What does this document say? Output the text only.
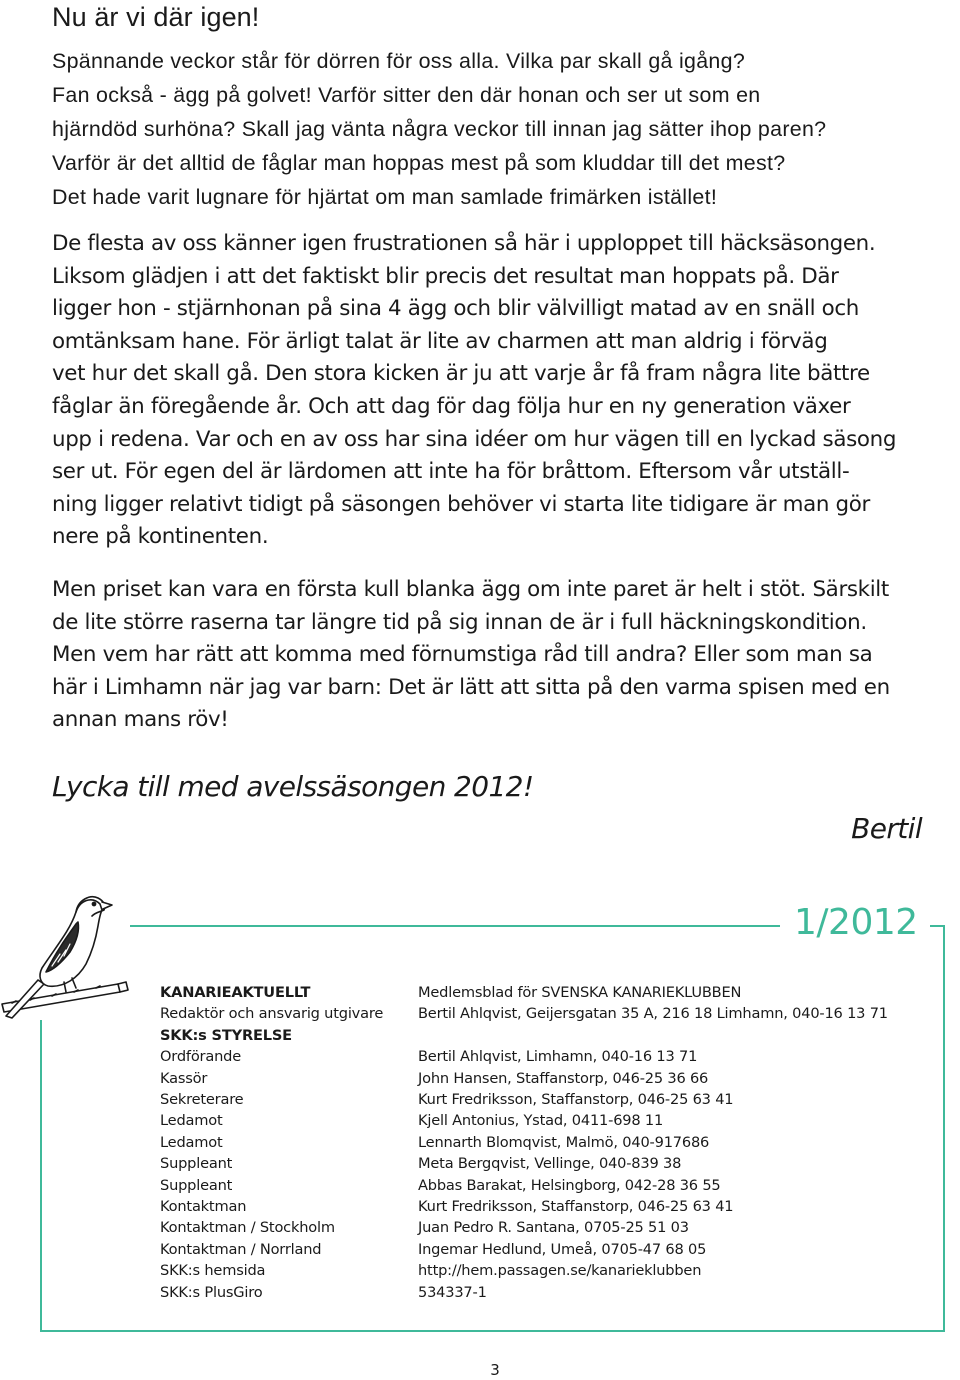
Nu är vi där igen!
Spännande veckor står för dörren för oss alla. Vilka par skall gå igång?
Fan också - ägg på golvet! Varför sitter den där honan och ser ut som en
hjärndöd surhöna? Skall jag vänta några veckor till innan jag sätter ihop paren?
Varför är det alltid de fåglar man hoppas mest på som kluddar till det mest?
Det hade varit lugnare för hjärtat om man samlade frimärken istället!
De flesta av oss känner igen frustrationen så här i upploppet till häcksäsongen.
Liksom glädjen i att det faktiskt blir precis det resultat man hoppats på. Där
ligger hon - stjärnhonan på sina 4 ägg och blir välvilligt matad av en snäll och
omtänksam hane. För ärligt talat är lite av charmen att man aldrig i förväg
vet hur det skall gå. Den stora kicken är ju att varje år få fram några lite bättre
fåglar än föregående år. Och att dag för dag följa hur en ny generation växer
upp i redena. Var och en av oss har sina idéer om hur vägen till en lyckad säsong
ser ut. För egen del är lärdomen att inte ha för bråttom. Eftersom vår utställ-
ning ligger relativt tidigt på säsongen behöver vi starta lite tidigare är man gör
nere på kontinenten.
Men priset kan vara en första kull blanka ägg om inte paret är helt i stöt. Särskilt
de lite större raserna tar längre tid på sig innan de är i full häckningskondition.
Men vem har rätt att komma med förnumstiga råd till andra? Eller som man sa
här i Limhamn när jag var barn: Det är lätt att sitta på den varma spisen med en
annan mans röv!
Lycka till med avelssäsongen 2012!
Bertil
1/2012
KANARIEAKTUELLT	Medlemsblad för SVENSKA KANARIEKLUBBEN
Redaktör och ansvarig utgivare	Bertil Ahlqvist, Geijersgatan 35 A, 216 18 Limhamn, 040-16 13 71
SKK:s STYRELSE
Ordförande	Bertil Ahlqvist, Limhamn, 040-16 13 71
Kassör	John Hansen, Staffanstorp, 046-25 36 66
Sekreterare	Kurt Fredriksson, Staffanstorp, 046-25 63 41
Ledamot	Kjell Antonius, Ystad, 0411-698 11
Ledamot	Lennarth Blomqvist, Malmö, 040-917686
Suppleant	Meta Bergqvist, Vellinge, 040-839 38
Suppleant	Abbas Barakat, Helsingborg, 042-28 36 55
Kontaktman	Kurt Fredriksson, Staffanstorp, 046-25 63 41
Kontaktman / Stockholm	Juan Pedro R. Santana, 0705-25 51 03
Kontaktman / Norrland	Ingemar Hedlund, Umeå, 0705-47 68 05
SKK:s hemsida	http://hem.passagen.se/kanarieklubben
SKK:s PlusGiro	534337-1
3
